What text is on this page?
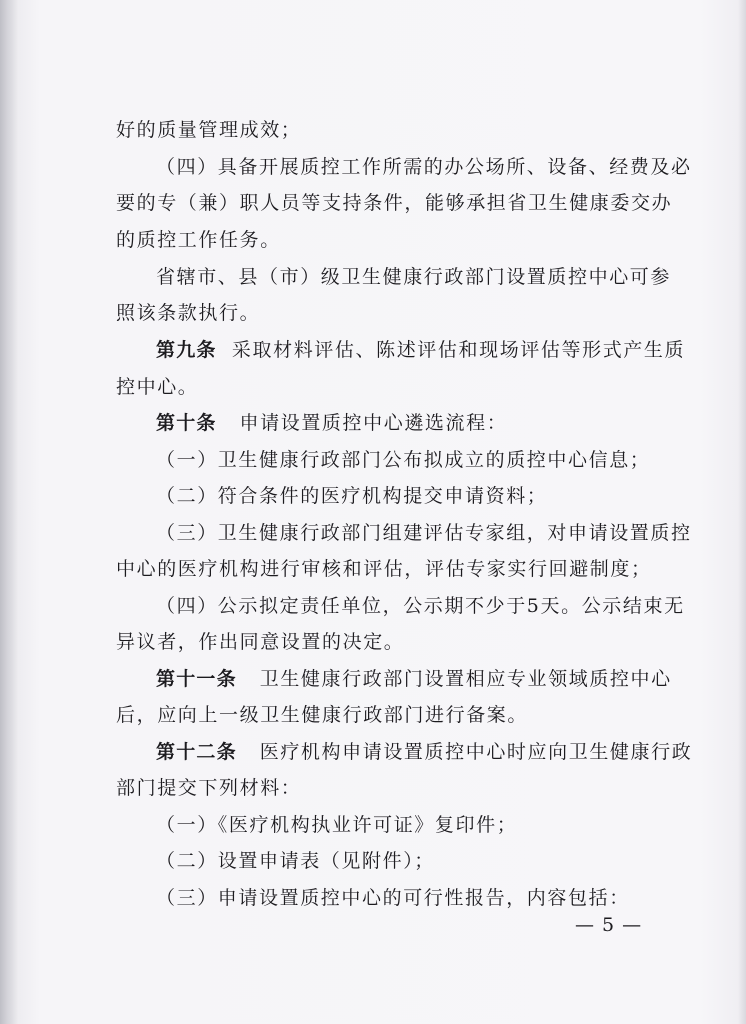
好的质量管理成效；
（四）具备开展质控工作所需的办公场所、设备、经费及必
要的专（兼）职人员等支持条件，能够承担省卫生健康委交办
的质控工作任务。
省辖市、县（市）级卫生健康行政部门设置质控中心可参
照该条款执行。
第九条 采取材料评估、陈述评估和现场评估等形式产生质
控中心。
第十条 申请设置质控中心遴选流程：
（一）卫生健康行政部门公布拟成立的质控中心信息；
（二）符合条件的医疗机构提交申请资料；
（三）卫生健康行政部门组建评估专家组，对申请设置质控
中心的医疗机构进行审核和评估，评估专家实行回避制度；
（四）公示拟定责任单位，公示期不少于5天。公示结束无
异议者，作出同意设置的决定。
第十一条 卫生健康行政部门设置相应专业领域质控中心
后，应向上一级卫生健康行政部门进行备案。
第十二条 医疗机构申请设置质控中心时应向卫生健康行政
部门提交下列材料：
（一）《医疗机构执业许可证》复印件；
（二）设置申请表（见附件）；
（三）申请设置质控中心的可行性报告，内容包括：
— 5 —
